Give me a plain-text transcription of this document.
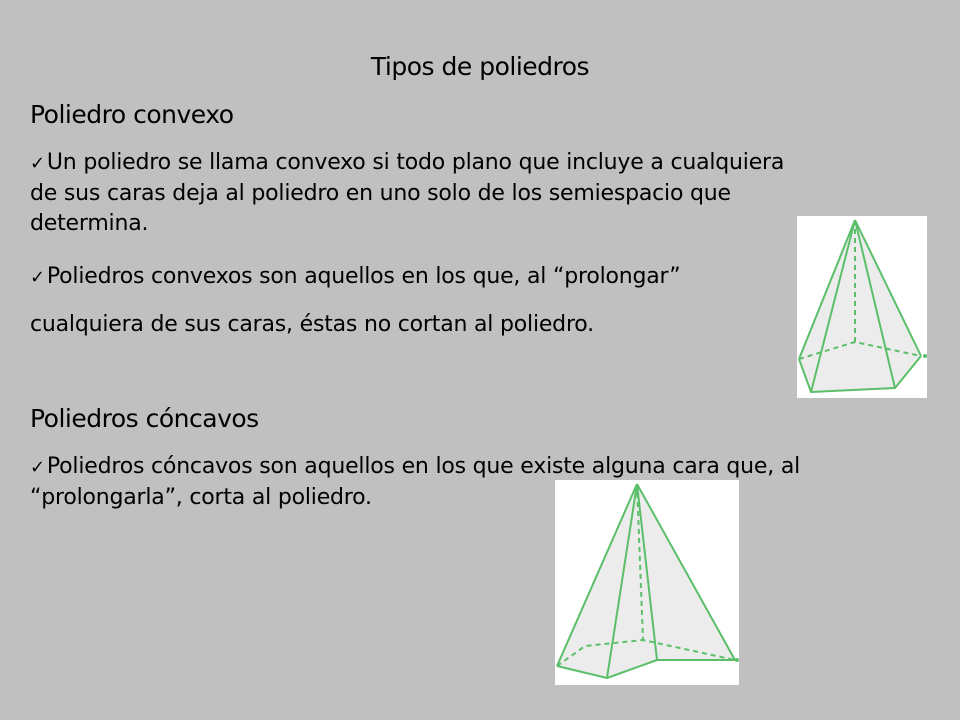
Tipos de poliedros
Poliedro convexo
✓Un poliedro se llama convexo si todo plano que incluye a cualquiera de sus caras deja al poliedro en uno solo de los semiespacio que determina.
✓Poliedros convexos son aquellos en los que, al “prolongar”
cualquiera de sus caras, éstas no cortan al poliedro.
Poliedros cóncavos
✓Poliedros cóncavos son aquellos en los que existe alguna cara que, al “prolongarla”, corta al poliedro.
